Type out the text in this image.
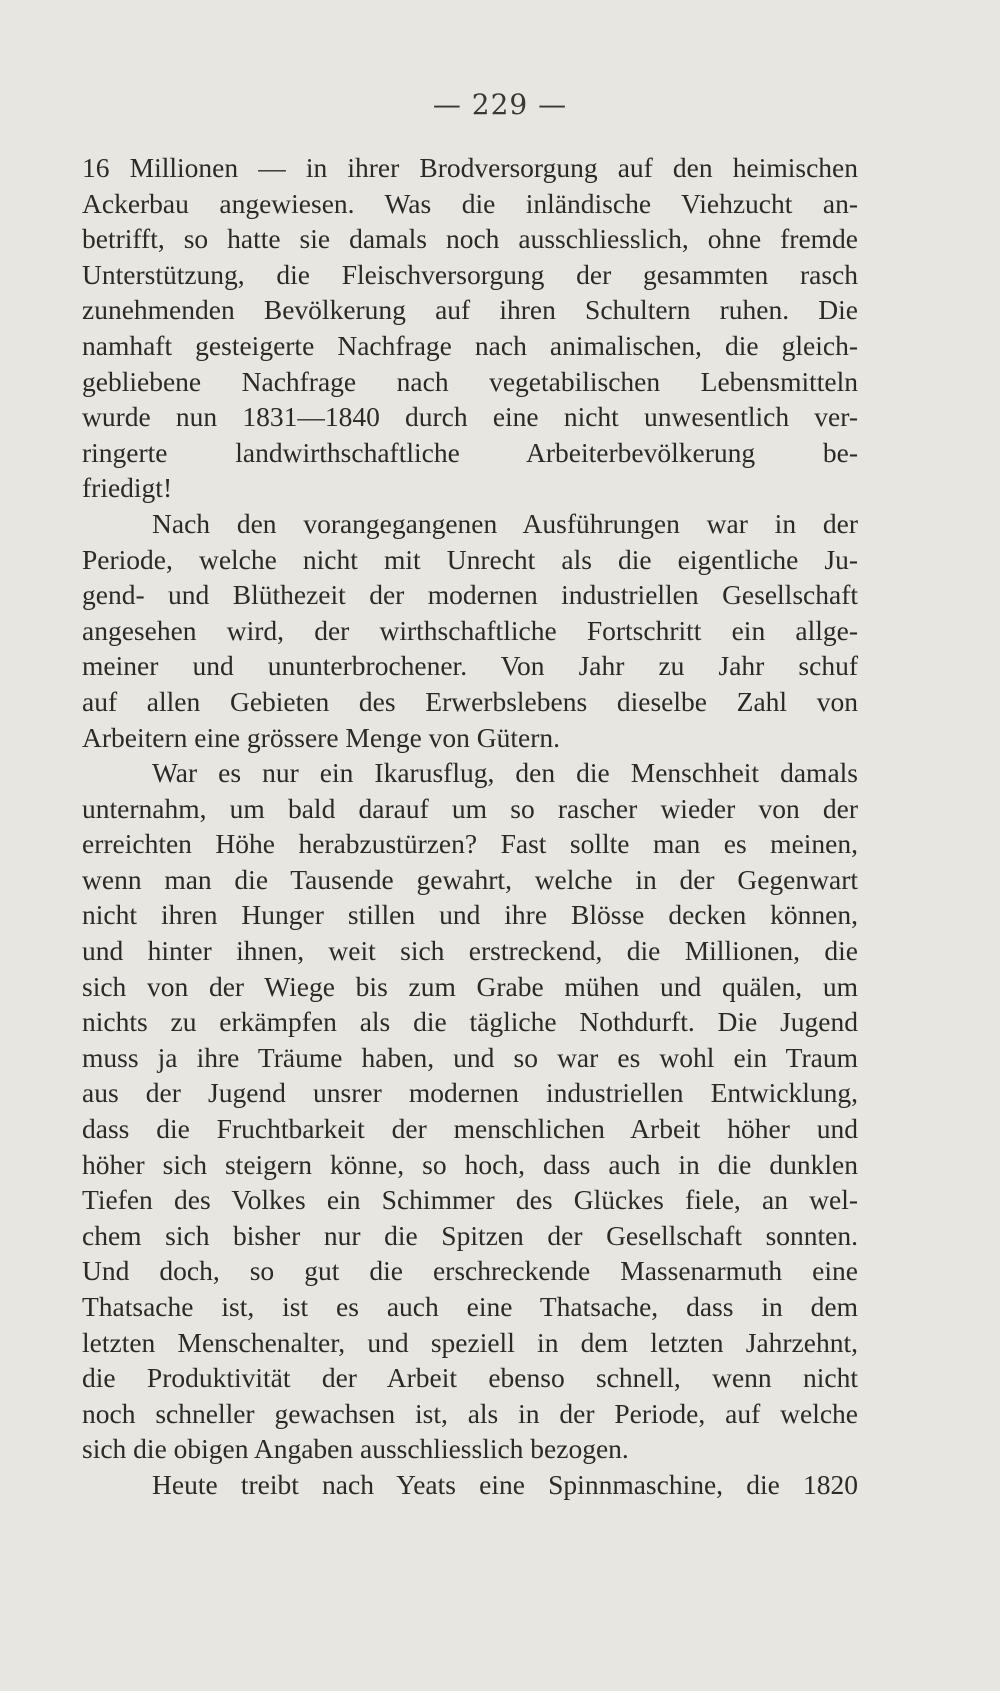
— 229 —
16 Millionen — in ihrer Brodversorgung auf den heimischen
Ackerbau angewiesen. Was die inländische Viehzucht an-
betrifft, so hatte sie damals noch ausschliesslich, ohne fremde
Unterstützung, die Fleischversorgung der gesammten rasch
zunehmenden Bevölkerung auf ihren Schultern ruhen. Die
namhaft gesteigerte Nachfrage nach animalischen, die gleich-
gebliebene Nachfrage nach vegetabilischen Lebensmitteln
wurde nun 1831—1840 durch eine nicht unwesentlich ver-
ringerte landwirthschaftliche Arbeiterbevölkerung be-
friedigt!
Nach den vorangegangenen Ausführungen war in der
Periode, welche nicht mit Unrecht als die eigentliche Ju-
gend- und Blüthezeit der modernen industriellen Gesellschaft
angesehen wird, der wirthschaftliche Fortschritt ein allge-
meiner und ununterbrochener. Von Jahr zu Jahr schuf
auf allen Gebieten des Erwerbslebens dieselbe Zahl von
Arbeitern eine grössere Menge von Gütern.
War es nur ein Ikarusflug, den die Menschheit damals
unternahm, um bald darauf um so rascher wieder von der
erreichten Höhe herabzustürzen? Fast sollte man es meinen,
wenn man die Tausende gewahrt, welche in der Gegenwart
nicht ihren Hunger stillen und ihre Blösse decken können,
und hinter ihnen, weit sich erstreckend, die Millionen, die
sich von der Wiege bis zum Grabe mühen und quälen, um
nichts zu erkämpfen als die tägliche Nothdurft. Die Jugend
muss ja ihre Träume haben, und so war es wohl ein Traum
aus der Jugend unsrer modernen industriellen Entwicklung,
dass die Fruchtbarkeit der menschlichen Arbeit höher und
höher sich steigern könne, so hoch, dass auch in die dunklen
Tiefen des Volkes ein Schimmer des Glückes fiele, an wel-
chem sich bisher nur die Spitzen der Gesellschaft sonnten.
Und doch, so gut die erschreckende Massenarmuth eine
Thatsache ist, ist es auch eine Thatsache, dass in dem
letzten Menschenalter, und speziell in dem letzten Jahrzehnt,
die Produktivität der Arbeit ebenso schnell, wenn nicht
noch schneller gewachsen ist, als in der Periode, auf welche
sich die obigen Angaben ausschliesslich bezogen.
Heute treibt nach Yeats eine Spinnmaschine, die 1820
